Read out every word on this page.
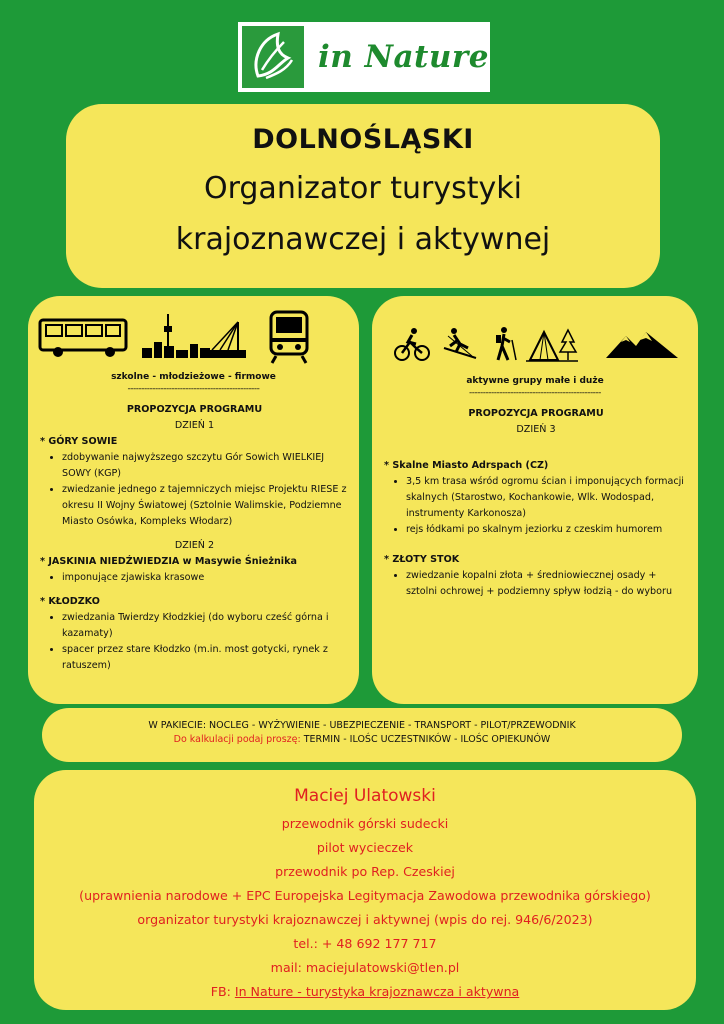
in Nature
DOLNOŚLĄSKI
Organizator turystyki
krajoznawczej i aktywnej
szkolne - młodzieżowe - firmowe
------------------------------------------------
PROPOZYCJA PROGRAMU
DZIEŃ 1
* GÓRY SOWIE
• zdobywanie najwyższego szczytu Gór Sowich WIELKIEJ SOWY (KGP)
• zwiedzanie jednego z tajemniczych miejsc Projektu RIESE z okresu II Wojny Światowej (Sztolnie Walimskie, Podziemne Miasto Osówka, Kompleks Włodarz)
DZIEŃ 2
* JASKINIA NIEDŹWIEDZIA w Masywie Śnieżnika
• imponujące zjawiska krasowe
* KŁODZKO
• zwiedzania Twierdzy Kłodzkiej (do wyboru cześć górna i kazamaty)
• spacer przez stare Kłodzko (m.in. most gotycki, rynek z ratuszem)
aktywne grupy małe i duże
------------------------------------------------
PROPOZYCJA PROGRAMU
DZIEŃ 3
* Skalne Miasto Adrspach (CZ)
• 3,5 km trasa wśród ogromu ścian i imponujących formacji skalnych (Starostwo, Kochankowie, Wlk. Wodospad, instrumenty Karkonosza)
• rejs łódkami po skalnym jeziorku z czeskim humorem
* ZŁOTY STOK
• zwiedzanie kopalni złota + średniowiecznej osady + sztolni ochrowej + podziemny spływ łodzią - do wyboru
W PAKIECIE: NOCLEG - WYŻYWIENIE - UBEZPIECZENIE - TRANSPORT - PILOT/PRZEWODNIK
Do kalkulacji podaj proszę: TERMIN - ILOŚC UCZESTNIKÓW - ILOŚC OPIEKUNÓW
Maciej Ulatowski
przewodnik górski sudecki
pilot wycieczek
przewodnik po Rep. Czeskiej
(uprawnienia narodowe + EPC Europejska Legitymacja Zawodowa przewodnika górskiego)
organizator turystyki krajoznawczej i aktywnej (wpis do rej. 946/6/2023)
tel.: + 48 692 177 717
mail: maciejulatowski@tlen.pl
FB: In Nature - turystyka krajoznawcza i aktywna
